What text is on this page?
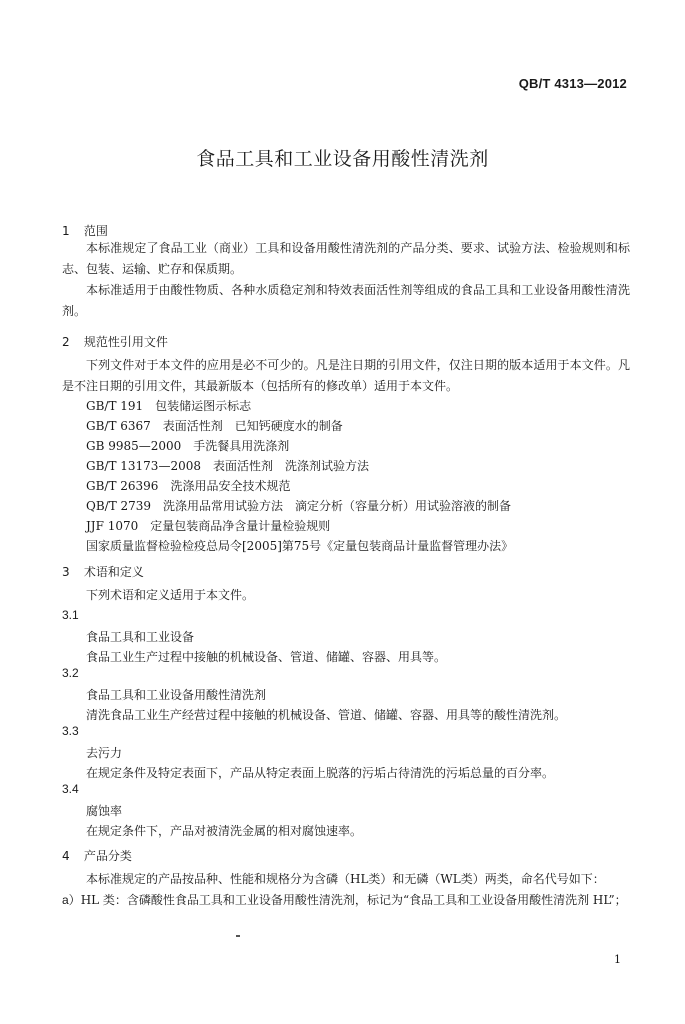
QB/T 4313—2012
食品工具和工业设备用酸性清洗剂
1 范围
本标准规定了食品工业（商业）工具和设备用酸性清洗剂的产品分类、要求、试验方法、检验规则和标志、包装、运输、贮存和保质期。
本标准适用于由酸性物质、各种水质稳定剂和特效表面活性剂等组成的食品工具和工业设备用酸性清洗剂。
2 规范性引用文件
下列文件对于本文件的应用是必不可少的。凡是注日期的引用文件，仅注日期的版本适用于本文件。凡是不注日期的引用文件，其最新版本（包括所有的修改单）适用于本文件。
GB/T 191　包装储运图示标志
GB/T 6367　表面活性剂　已知钙硬度水的制备
GB 9985—2000　手洗餐具用洗涤剂
GB/T 13173—2008　表面活性剂　洗涤剂试验方法
GB/T 26396　洗涤用品安全技术规范
QB/T 2739　洗涤用品常用试验方法　滴定分析（容量分析）用试验溶液的制备
JJF 1070　定量包装商品净含量计量检验规则
国家质量监督检验检疫总局令[2005]第75号《定量包装商品计量监督管理办法》
3 术语和定义
下列术语和定义适用于本文件。
3.1
食品工具和工业设备
食品工业生产过程中接触的机械设备、管道、储罐、容器、用具等。
3.2
食品工具和工业设备用酸性清洗剂
清洗食品工业生产经营过程中接触的机械设备、管道、储罐、容器、用具等的酸性清洗剂。
3.3
去污力
在规定条件及特定表面下，产品从特定表面上脱落的污垢占待清洗的污垢总量的百分率。
3.4
腐蚀率
在规定条件下，产品对被清洗金属的相对腐蚀速率。
4 产品分类
本标准规定的产品按品种、性能和规格分为含磷（HL类）和无磷（WL类）两类，命名代号如下：
a）HL 类：含磷酸性食品工具和工业设备用酸性清洗剂，标记为“食品工具和工业设备用酸性清洗剂 HL”；
1
